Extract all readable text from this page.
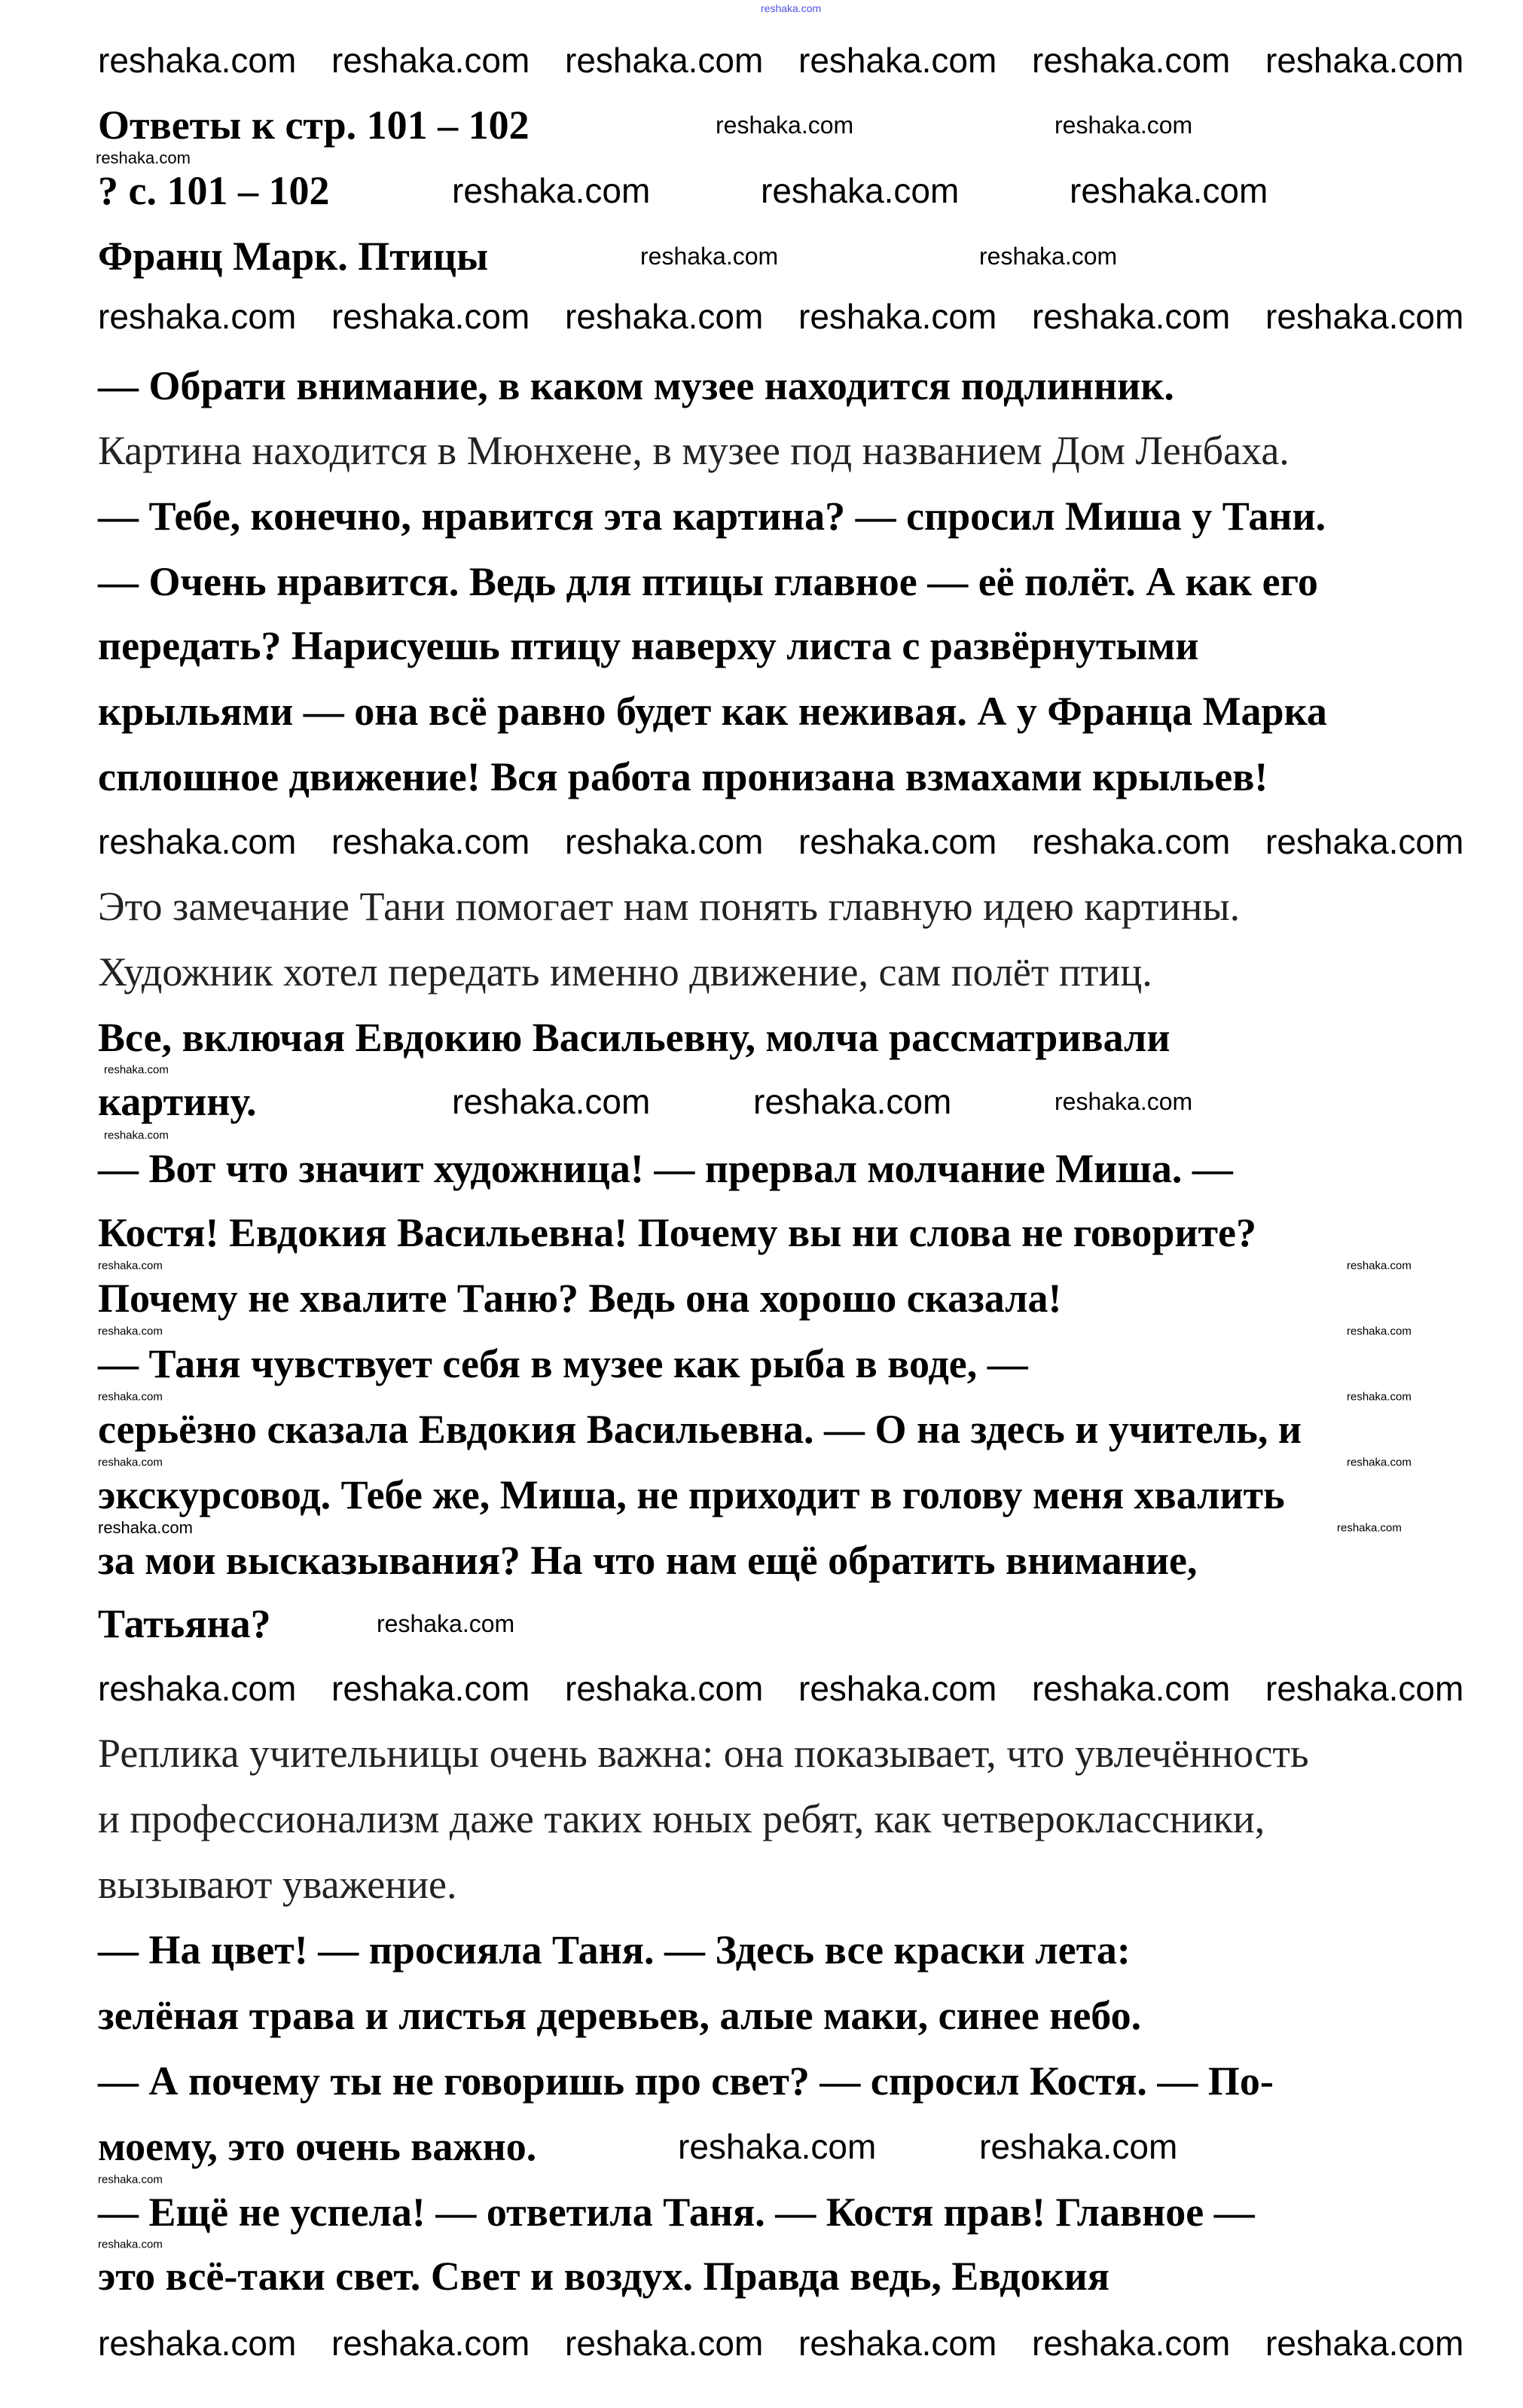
reshaka.com
Ответы к стр. 101 – 102
? с. 101 – 102
Франц Марк. Птицы
— Обрати внимание, в каком музее находится подлинник.
Картина находится в Мюнхене, в музее под названием Дом Ленбаха.
— Тебе, конечно, нравится эта картина? — спросил Миша у Тани.
— Очень нравится. Ведь для птицы главное — её полёт. А как его
передать? Нарисуешь птицу наверху листа с развёрнутыми
крыльями — она всё равно будет как неживая. А у Франца Марка
сплошное движение! Вся работа пронизана взмахами крыльев!
Это замечание Тани помогает нам понять главную идею картины.
Художник хотел передать именно движение, сам полёт птиц.
Все, включая Евдокию Васильевну, молча рассматривали
картину.
— Вот что значит художница! — прервал молчание Миша. —
Костя! Евдокия Васильевна! Почему вы ни слова не говорите?
Почему не хвалите Таню? Ведь она хорошо сказала!
— Таня чувствует себя в музее как рыба в воде, —
серьёзно сказала Евдокия Васильевна. — О на здесь и учитель, и
экскурсовод. Тебе же, Миша, не приходит в голову меня хвалить
за мои высказывания? На что нам ещё обратить внимание,
Татьяна?
Реплика учительницы очень важна: она показывает, что увлечённость
и профессионализм даже таких юных ребят, как четвероклассники,
вызывают уважение.
— На цвет! — просияла Таня. — Здесь все краски лета:
зелёная трава и листья деревьев, алые маки, синее небо.
— А почему ты не говоришь про свет? — спросил Костя. — По-
моему, это очень важно.
— Ещё не успела! — ответила Таня. — Костя прав! Главное —
это всё-таки свет. Свет и воздух. Правда ведь, Евдокия
reshaka.com reshaka.com reshaka.com reshaka.com reshaka.com reshaka.com
reshaka.com reshaka.com reshaka.com reshaka.com reshaka.com reshaka.com
reshaka.com reshaka.com reshaka.com reshaka.com reshaka.com reshaka.com
reshaka.com reshaka.com reshaka.com reshaka.com reshaka.com reshaka.com
reshaka.com reshaka.com reshaka.com reshaka.com reshaka.com reshaka.com
reshaka.com	reshaka.com	reshaka.com
reshaka.com	reshaka.com	reshaka.com
reshaka.com	reshaka.com
reshaka.com	reshaka.com
reshaka.com	reshaka.com
reshaka.com
reshaka.com
reshaka.com
reshaka.com
reshaka.com	reshaka.com
reshaka.com	reshaka.com
reshaka.com	reshaka.com
reshaka.com	reshaka.com
reshaka.com	reshaka.com
reshaka.com
reshaka.com
